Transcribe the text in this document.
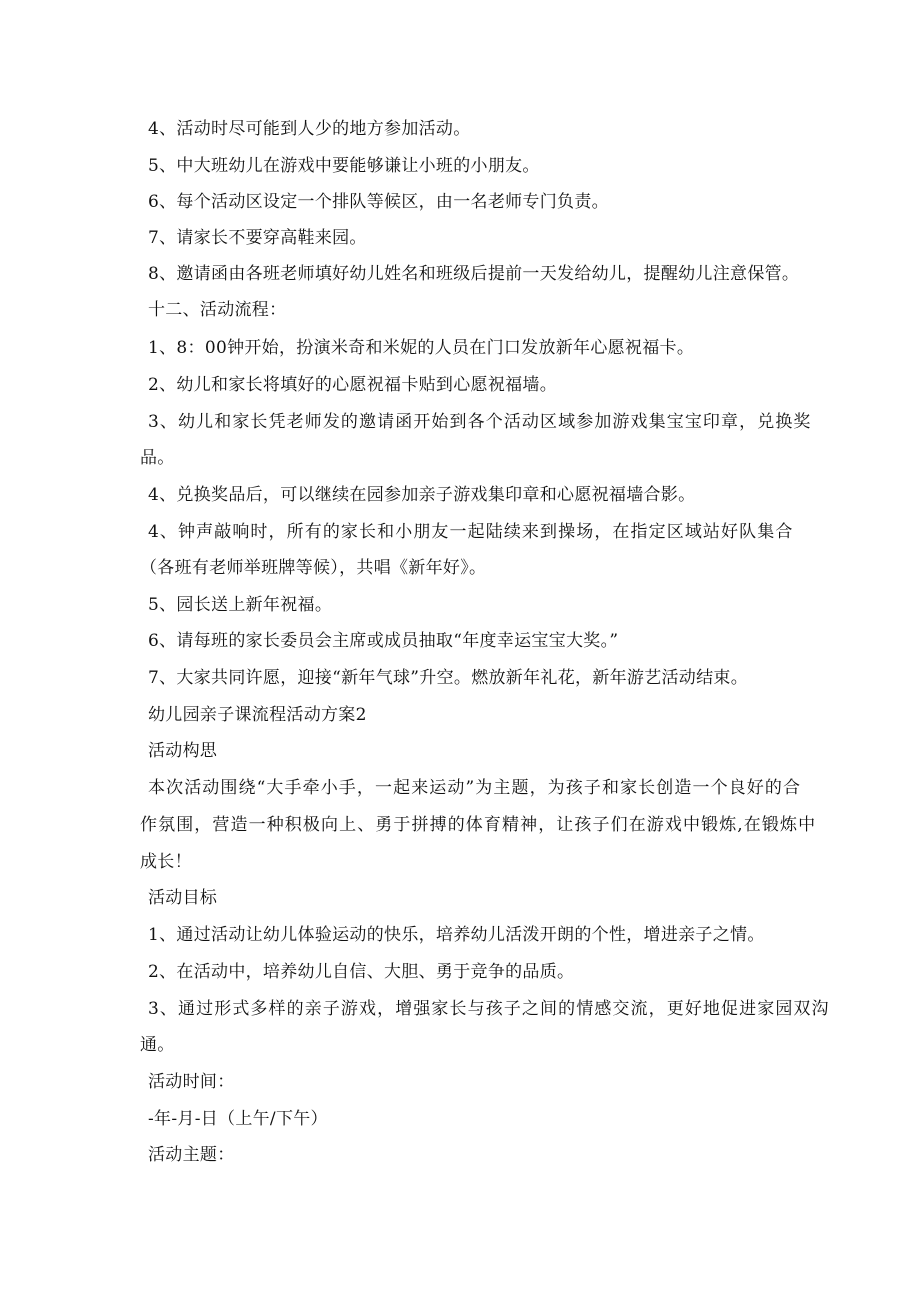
4、活动时尽可能到人少的地方参加活动。
5、中大班幼儿在游戏中要能够谦让小班的小朋友。
6、每个活动区设定一个排队等候区，由一名老师专门负责。
7、请家长不要穿高鞋来园。
8、邀请函由各班老师填好幼儿姓名和班级后提前一天发给幼儿，提醒幼儿注意保管。
十二、活动流程：
1、8：00钟开始，扮演米奇和米妮的人员在门口发放新年心愿祝福卡。
2、幼儿和家长将填好的心愿祝福卡贴到心愿祝福墙。
3、幼儿和家长凭老师发的邀请函开始到各个活动区域参加游戏集宝宝印章，兑换奖
品。
4、兑换奖品后，可以继续在园参加亲子游戏集印章和心愿祝福墙合影。
4、钟声敲响时，所有的家长和小朋友一起陆续来到操场，在指定区域站好队集合
（各班有老师举班牌等候），共唱《新年好》。
5、园长送上新年祝福。
6、请每班的家长委员会主席或成员抽取“年度幸运宝宝大奖。”
7、大家共同许愿，迎接“新年气球”升空。燃放新年礼花，新年游艺活动结束。
幼儿园亲子课流程活动方案2
活动构思
本次活动围绕“大手牵小手，一起来运动”为主题，为孩子和家长创造一个良好的合
作氛围，营造一种积极向上、勇于拼搏的体育精神，让孩子们在游戏中锻炼,在锻炼中
成长！
活动目标
1、通过活动让幼儿体验运动的快乐，培养幼儿活泼开朗的个性，增进亲子之情。
2、在活动中，培养幼儿自信、大胆、勇于竞争的品质。
3、通过形式多样的亲子游戏，增强家长与孩子之间的情感交流，更好地促进家园双沟
通。
活动时间：
-年-月-日（上午/下午）
活动主题：
